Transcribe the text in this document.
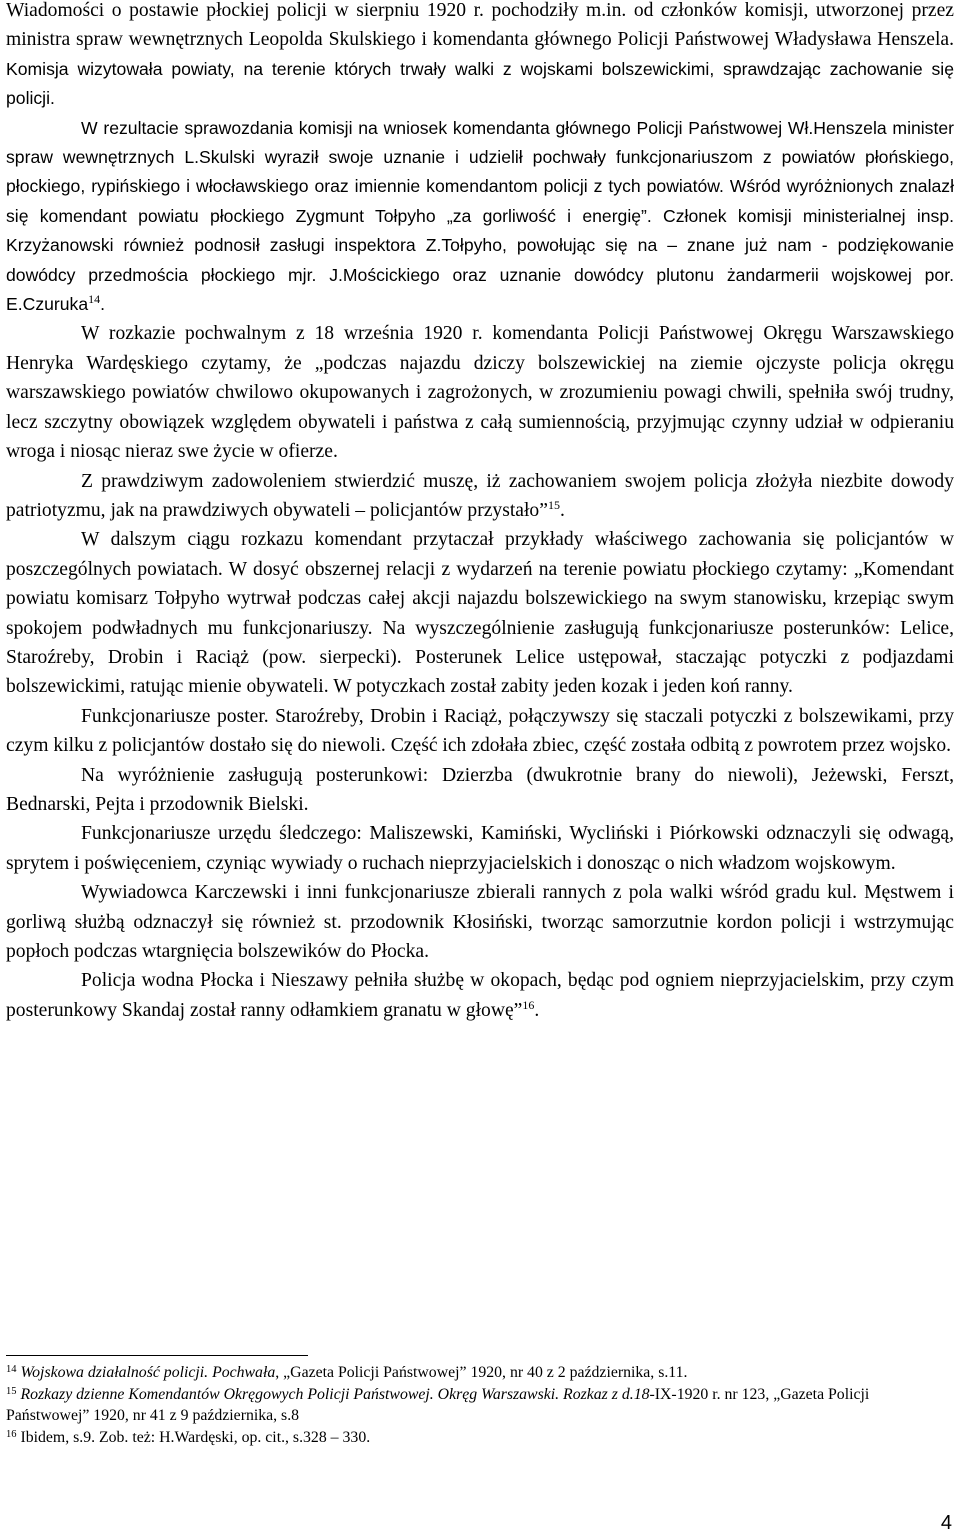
Wiadomości o postawie płockiej policji w sierpniu 1920 r. pochodziły m.in. od członków komisji, utworzonej przez ministra spraw wewnętrznych Leopolda Skulskiego i komendanta głównego Policji Państwowej Władysława Henszela. Komisja wizytowała powiaty, na terenie których trwały walki z wojskami bolszewickimi, sprawdzając zachowanie się policji.

W rezultacie sprawozdania komisji na wniosek komendanta głównego Policji Państwowej Wł.Henszela minister spraw wewnętrznych L.Skulski wyraził swoje uznanie i udzielił pochwały funkcjonariuszom z powiatów płońskiego, płockiego, rypińskiego i włocławskiego oraz imiennie komendantom policji z tych powiatów. Wśród wyróżnionych znalazł się komendant powiatu płockiego Zygmunt Tołpyho „za gorliwość i energię”. Członek komisji ministerialnej insp. Krzyżanowski również podnosił zasługi inspektora Z.Tołpyho, powołując się na – znane już nam - podziękowanie dowódcy przedmościa płockiego mjr. J.Mościckiego oraz uznanie dowódcy plutonu żandarmerii wojskowej por. E.Czuruka$^{14}$.

W rozkazie pochwalnym z 18 września 1920 r. komendanta Policji Państwowej Okręgu Warszawskiego Henryka Wardęskiego czytamy, że „podczas najazdu dziczy bolszewickiej na ziemie ojczyste policja okręgu warszawskiego powiatów chwilowo okupowanych i zagrożonych, w zrozumieniu powagi chwili, spełniła swój trudny, lecz szczytny obowiązek względem obywateli i państwa z całą sumiennością, przyjmując czynny udział w odpieraniu wroga i niosąc nieraz swe życie w ofierze.

Z prawdziwym zadowoleniem stwierdzić muszę, iż zachowaniem swojem policja złożyła niezbite dowody patriotyzmu, jak na prawdziwych obywateli – policjantów przystało”$^{15}$.

W dalszym ciągu rozkazu komendant przytaczał przykłady właściwego zachowania się policjantów w poszczególnych powiatach. W dosyć obszernej relacji z wydarzeń na terenie powiatu płockiego czytamy: „Komendant powiatu komisarz Tołpyho wytrwał podczas całej akcji najazdu bolszewickiego na swym stanowisku, krzepiąc swym spokojem podwładnych mu funkcjonariuszy. Na wyszczególnienie zasługują funkcjonariusze posterunków: Lelice, Staroźreby, Drobin i Raciąż (pow. sierpecki). Posterunek Lelice ustępował, staczając potyczki z podjazdami bolszewickimi, ratując mienie obywateli. W potyczkach został zabity jeden kozak i jeden koń ranny.

Funkcjonariusze poster. Staroźreby, Drobin i Raciąż, połączywszy się staczali potyczki z bolszewikami, przy czym kilku z policjantów dostało się do niewoli. Część ich zdołała zbiec, część została odbitą z powrotem przez wojsko.

Na wyróżnienie zasługują posterunkowi: Dzierzba (dwukrotnie brany do niewoli), Jeżewski, Ferszt, Bednarski, Pejta i przodownik Bielski.

Funkcjonariusze urzędu śledczego: Maliszewski, Kamiński, Wycliński i Piórkowski odznaczyli się odwagą, sprytem i poświęceniem, czyniąc wywiady o ruchach nieprzyjacielskich i donosząc o nich władzom wojskowym.

Wywiadowca Karczewski i inni funkcjonariusze zbierali rannych z pola walki wśród gradu kul. Męstwem i gorliwą służbą odznaczył się również st. przodownik Kłosiński, tworząc samorzutnie kordon policji i wstrzymując popłoch podczas wtargnięcia bolszewików do Płocka.

Policja wodna Płocka i Nieszawy pełniła służbę w okopach, będąc pod ogniem nieprzyjacielskim, przy czym posterunkowy Skandaj został ranny odłamkiem granatu w głowę”$^{16}$.

$^{14}$ Wojskowa działalność policji. Pochwała, „Gazeta Policji Państwowej” 1920, nr 40 z 2 października, s.11.

$^{15}$ Rozkazy dzienne Komendantów Okręgowych Policji Państwowej. Okręg Warszawski. Rozkaz z d.18-IX-1920 r. nr 123, „Gazeta Policji Państwowej” 1920, nr 41 z 9 października, s.8

$^{16}$ Ibidem, s.9. Zob. też: H.Wardęski, op. cit., s.328 – 330.

4
